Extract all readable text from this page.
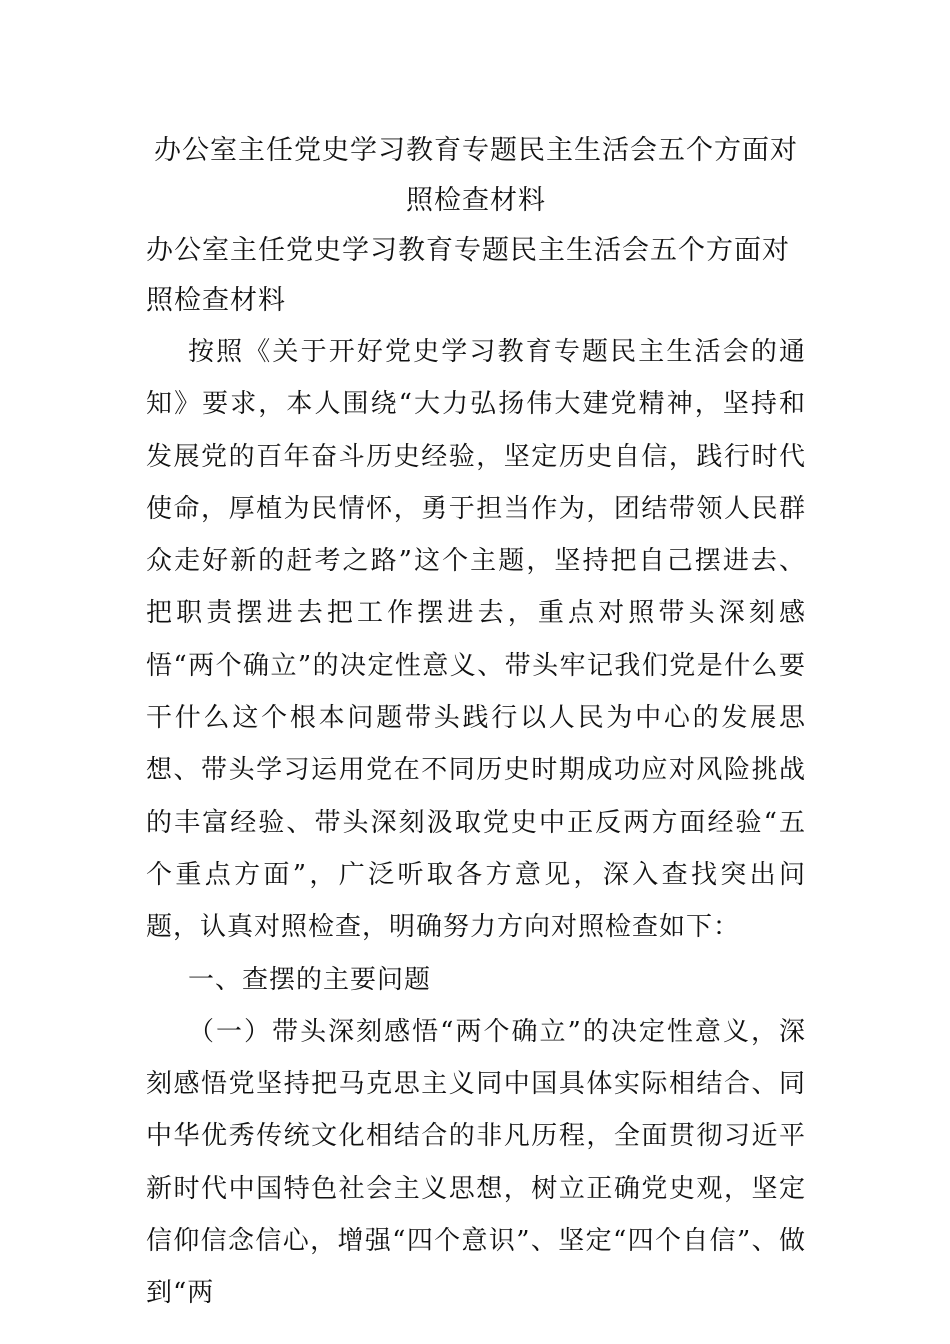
办公室主任党史学习教育专题民主生活会五个方面对照检查材料

办公室主任党史学习教育专题民主生活会五个方面对照检查材料

按照《关于开好党史学习教育专题民主生活会的通知》要求，本人围绕“大力弘扬伟大建党精神，坚持和发展党的百年奋斗历史经验，坚定历史自信，践行时代使命，厚植为民情怀，勇于担当作为，团结带领人民群众走好新的赶考之路”这个主题，坚持把自己摆进去、把职责摆进去把工作摆进去，重点对照带头深刻感悟“两个确立”的决定性意义、带头牢记我们党是什么要干什么这个根本问题带头践行以人民为中心的发展思想、带头学习运用党在不同历史时期成功应对风险挑战的丰富经验、带头深刻汲取党史中正反两方面经验“五个重点方面”，广泛听取各方意见，深入查找突出问题，认真对照检查，明确努力方向对照检查如下：

一、查摆的主要问题

（一）带头深刻感悟“两个确立”的决定性意义，深刻感悟党坚持把马克思主义同中国具体实际相结合、同中华优秀传统文化相结合的非凡历程，全面贯彻习近平新时代中国特色社会主义思想，树立正确党史观，坚定信仰信念信心，增强“四个意识”、坚定“四个自信”、做到“两
